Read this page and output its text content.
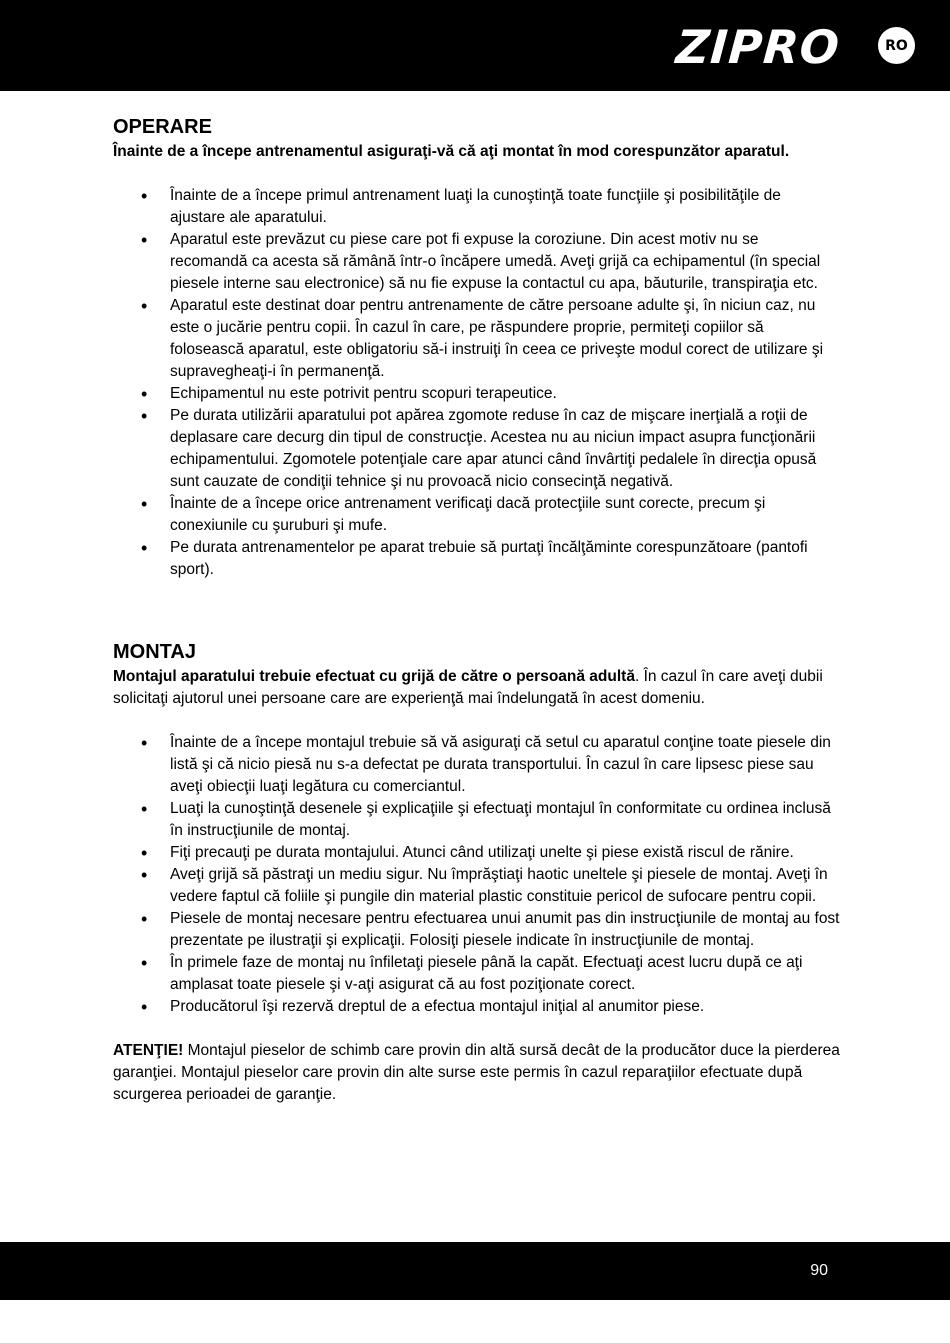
ZIPRO	RO
OPERARE

Înainte de a începe antrenamentul asiguraţi-vă că aţi montat în mod corespunzător aparatul.

• Înainte de a începe primul antrenament luaţi la cunoştinţă toate funcţiile şi posibilităţile de ajustare ale aparatului.
• Aparatul este prevăzut cu piese care pot fi expuse la coroziune. Din acest motiv nu se recomandă ca acesta să rămână într-o încăpere umedă. Aveţi grijă ca echipamentul (în special piesele interne sau electronice) să nu fie expuse la contactul cu apa, băuturile, transpiraţia etc.
• Aparatul este destinat doar pentru antrenamente de către persoane adulte şi, în niciun caz, nu este o jucărie pentru copii. În cazul în care, pe răspundere proprie, permiteţi copiilor să folosească aparatul, este obligatoriu să-i instruiţi în ceea ce priveşte modul corect de utilizare şi supravegheaţi-i în permanenţă.
• Echipamentul nu este potrivit pentru scopuri terapeutice.
• Pe durata utilizării aparatului pot apărea zgomote reduse în caz de mişcare inerţială a roţii de deplasare care decurg din tipul de construcţie. Acestea nu au niciun impact asupra funcţionării echipamentului. Zgomotele potenţiale care apar atunci când învârtiţi pedalele în direcţia opusă sunt cauzate de condiţii tehnice şi nu provoacă nicio consecinţă negativă.
• Înainte de a începe orice antrenament verificaţi dacă protecţiile sunt corecte, precum şi conexiunile cu şuruburi şi mufe.
• Pe durata antrenamentelor pe aparat trebuie să purtaţi încălţăminte corespunzătoare (pantofi sport).
MONTAJ

Montajul aparatului trebuie efectuat cu grijă de către o persoană adultă. În cazul în care aveţi dubii solicitaţi ajutorul unei persoane care are experienţă mai îndelungată în acest domeniu.

• Înainte de a începe montajul trebuie să vă asiguraţi că setul cu aparatul conţine toate piesele din listă şi că nicio piesă nu s-a defectat pe durata transportului. În cazul în care lipsesc piese sau aveţi obiecţii luaţi legătura cu comerciantul.
• Luaţi la cunoştinţă desenele şi explicaţiile şi efectuaţi montajul în conformitate cu ordinea inclusă în instrucţiunile de montaj.
• Fiţi precauţi pe durata montajului. Atunci când utilizaţi unelte şi piese există riscul de rănire.
• Aveţi grijă să păstraţi un mediu sigur. Nu împrăştiaţi haotic uneltele şi piesele de montaj. Aveţi în vedere faptul că foliile şi pungile din material plastic constituie pericol de sufocare pentru copii.
• Piesele de montaj necesare pentru efectuarea unui anumit pas din instrucţiunile de montaj au fost prezentate pe ilustraţii şi explicaţii. Folosiţi piesele indicate în instrucţiunile de montaj.
• În primele faze de montaj nu înfiletaţi piesele până la capăt. Efectuaţi acest lucru după ce aţi amplasat toate piesele şi v-aţi asigurat că au fost poziţionate corect.
• Producătorul îşi rezervă dreptul de a efectua montajul iniţial al anumitor piese.

ATENŢIE! Montajul pieselor de schimb care provin din altă sursă decât de la producător duce la pierderea garanţiei. Montajul pieselor care provin din alte surse este permis în cazul reparaţiilor efectuate după scurgerea perioadei de garanţie.

90
